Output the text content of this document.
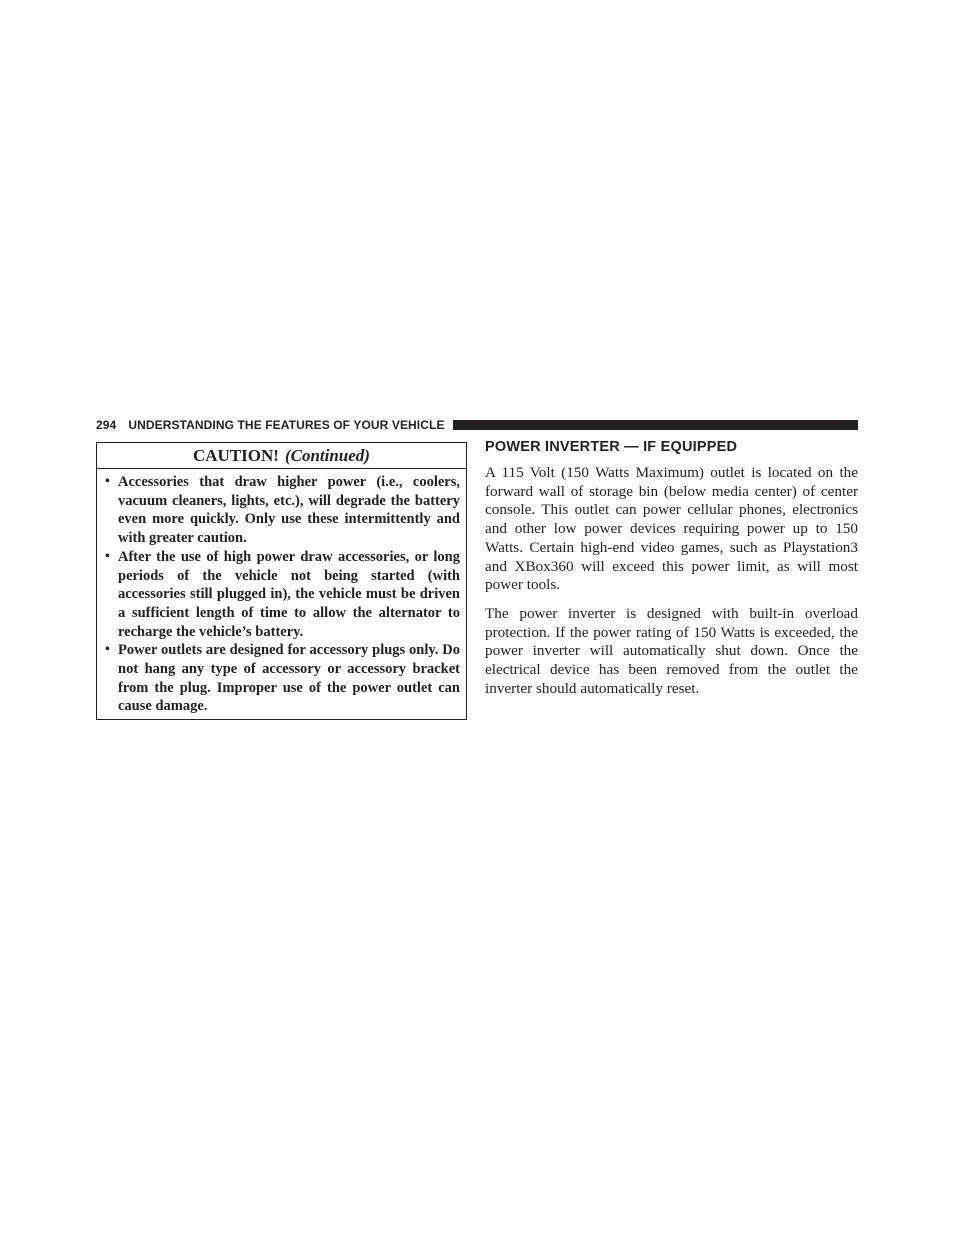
294 UNDERSTANDING THE FEATURES OF YOUR VEHICLE
CAUTION! (Continued)
• Accessories that draw higher power (i.e., coolers, vacuum cleaners, lights, etc.), will degrade the battery even more quickly. Only use these intermittently and with greater caution.
• After the use of high power draw accessories, or long periods of the vehicle not being started (with accessories still plugged in), the vehicle must be driven a sufficient length of time to allow the alternator to recharge the vehicle’s battery.
• Power outlets are designed for accessory plugs only. Do not hang any type of accessory or accessory bracket from the plug. Improper use of the power outlet can cause damage.
POWER INVERTER — IF EQUIPPED

A 115 Volt (150 Watts Maximum) outlet is located on the forward wall of storage bin (below media center) of center console. This outlet can power cellular phones, electronics and other low power devices requiring power up to 150 Watts. Certain high-end video games, such as Playstation3 and XBox360 will exceed this power limit, as will most power tools.

The power inverter is designed with built-in overload protection. If the power rating of 150 Watts is exceeded, the power inverter will automatically shut down. Once the electrical device has been removed from the outlet the inverter should automatically reset.
